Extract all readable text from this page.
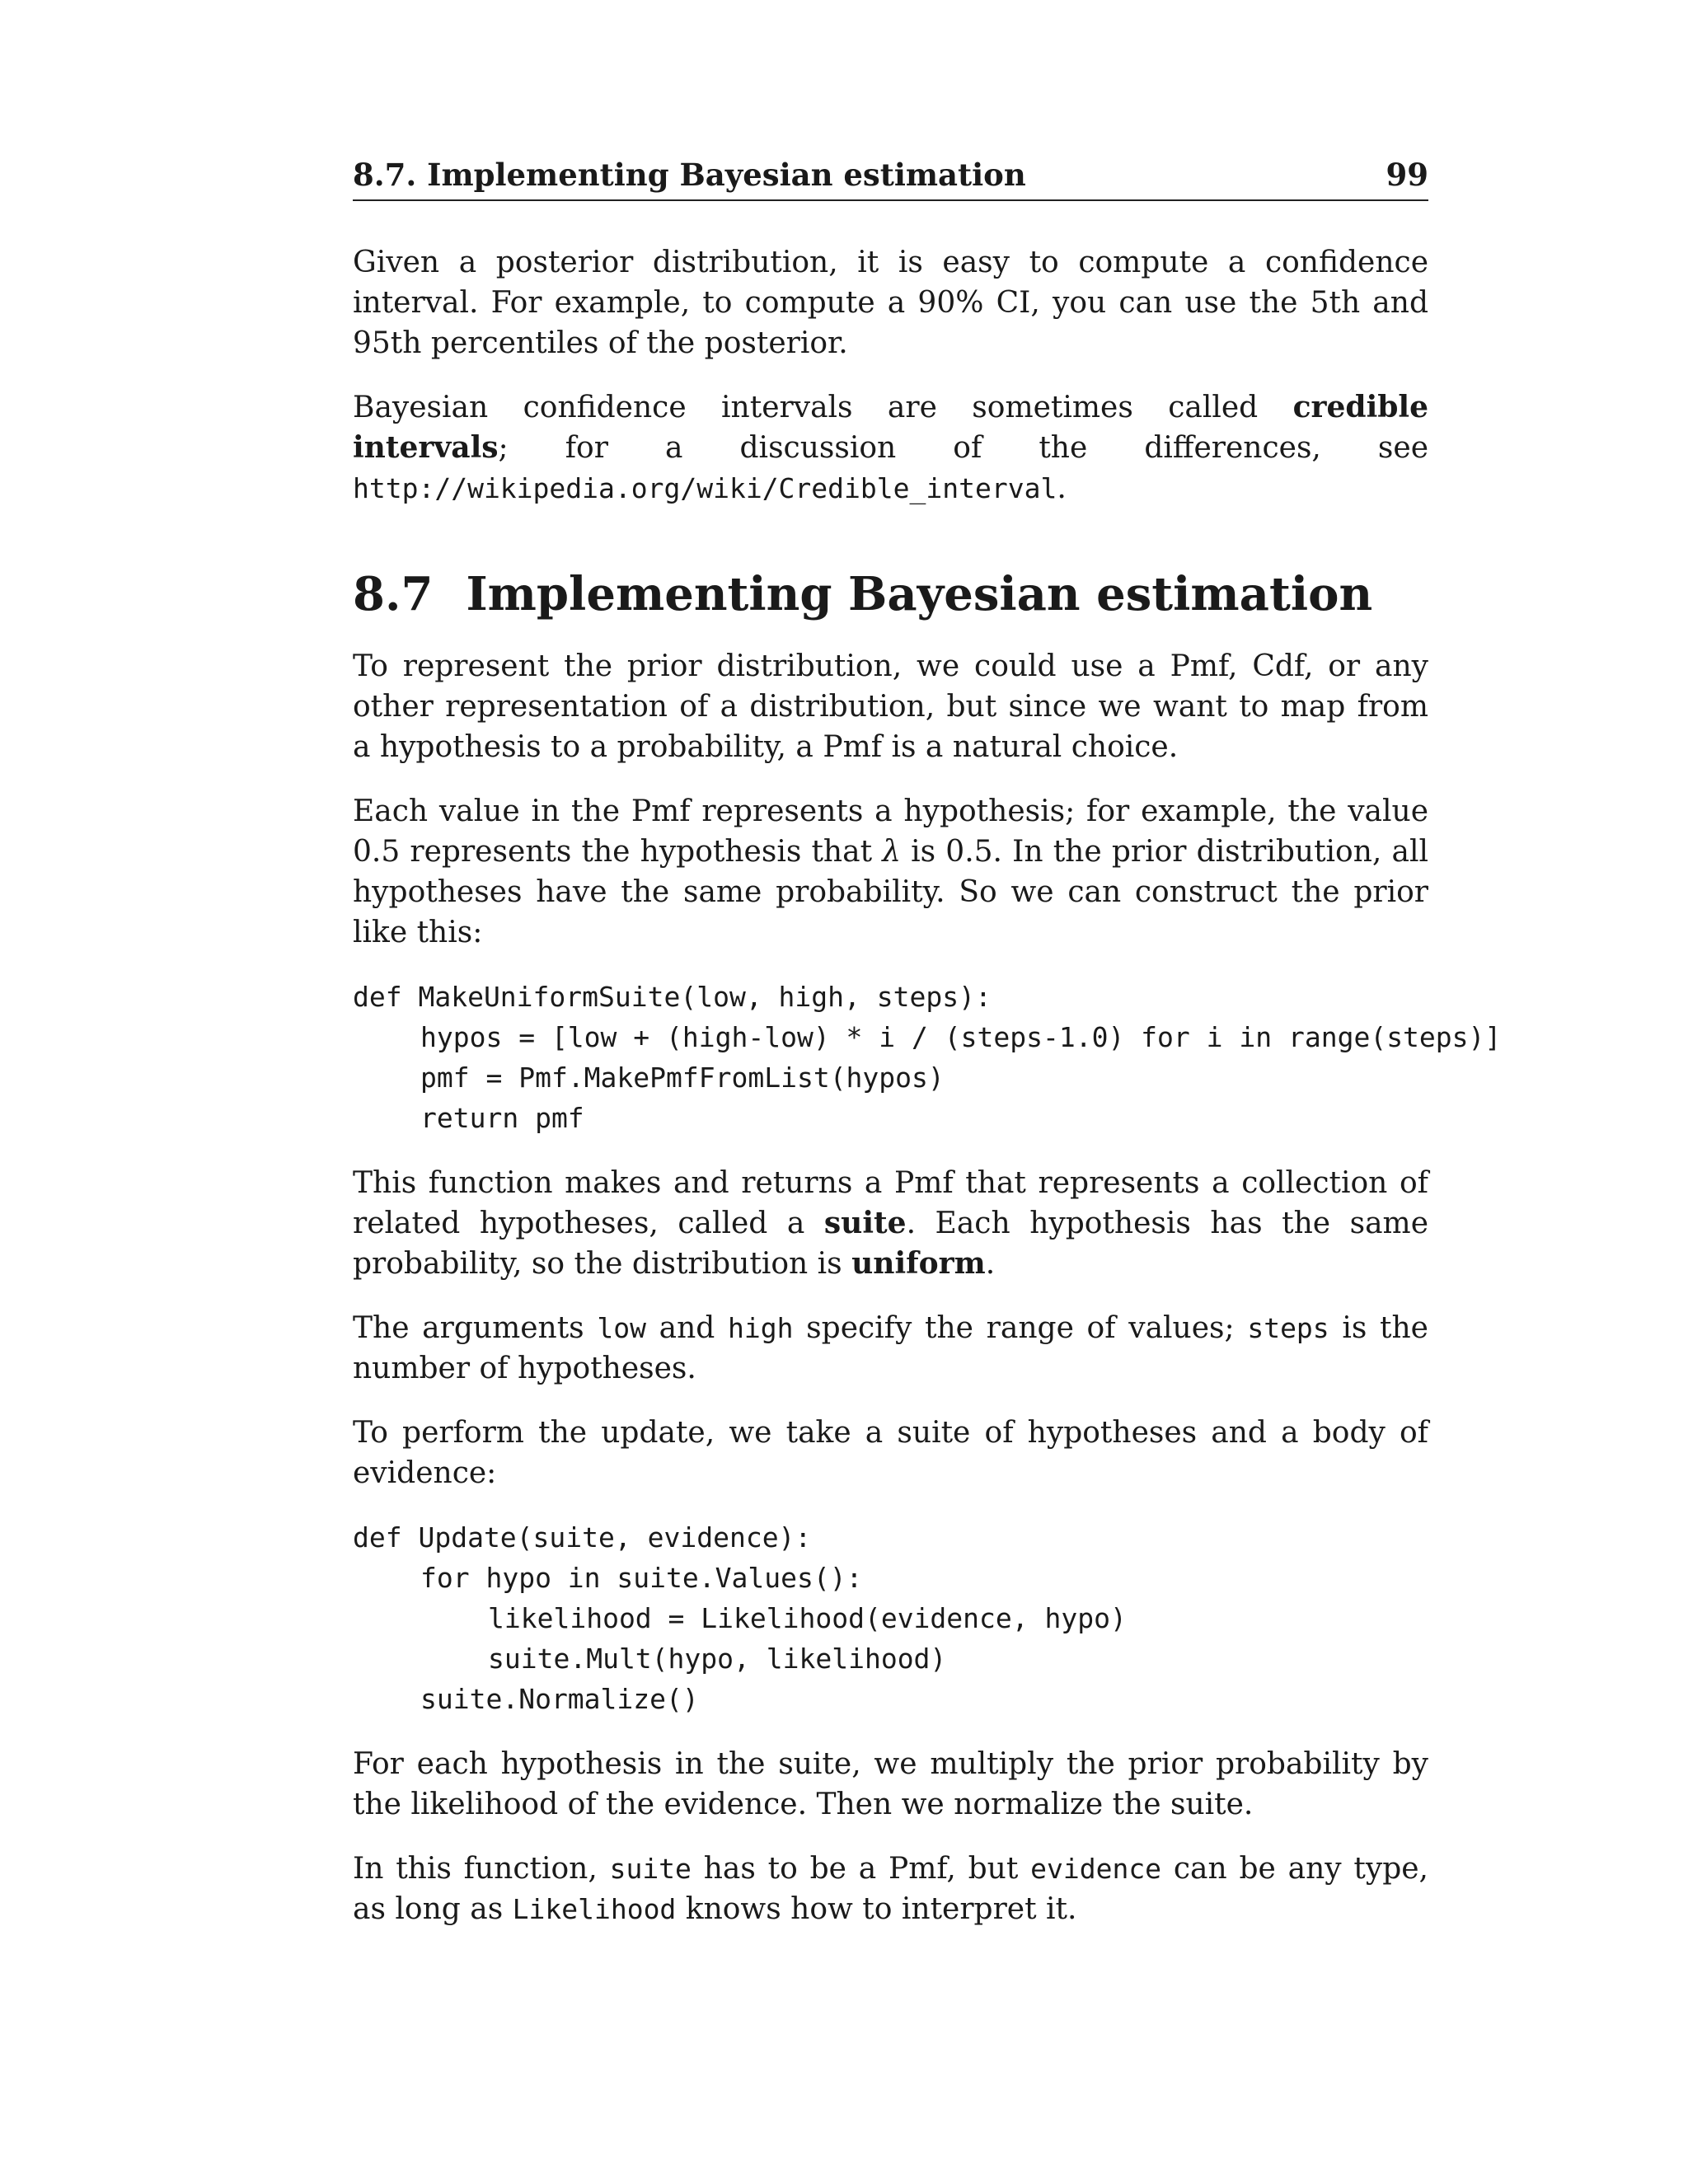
8.7. Implementing Bayesian estimation	99

Given a posterior distribution, it is easy to compute a confidence interval. For example, to compute a 90% CI, you can use the 5th and 95th percentiles of the posterior.

Bayesian confidence intervals are sometimes called credible intervals; for a discussion of the differences, see http://wikipedia.org/wiki/Credible_interval.

8.7 Implementing Bayesian estimation

To represent the prior distribution, we could use a Pmf, Cdf, or any other representation of a distribution, but since we want to map from a hypothesis to a probability, a Pmf is a natural choice.

Each value in the Pmf represents a hypothesis; for example, the value 0.5 represents the hypothesis that λ is 0.5. In the prior distribution, all hypotheses have the same probability. So we can construct the prior like this:

def MakeUniformSuite(low, high, steps):
hypos = [low + (high-low) * i / (steps-1.0) for i in range(steps)]
pmf = Pmf.MakePmfFromList(hypos)
return pmf

This function makes and returns a Pmf that represents a collection of related hypotheses, called a suite. Each hypothesis has the same probability, so the distribution is uniform.

The arguments low and high specify the range of values; steps is the number of hypotheses.

To perform the update, we take a suite of hypotheses and a body of evidence:

def Update(suite, evidence):
for hypo in suite.Values():
likelihood = Likelihood(evidence, hypo)
suite.Mult(hypo, likelihood)
suite.Normalize()

For each hypothesis in the suite, we multiply the prior probability by the likelihood of the evidence. Then we normalize the suite.

In this function, suite has to be a Pmf, but evidence can be any type, as long as Likelihood knows how to interpret it.
